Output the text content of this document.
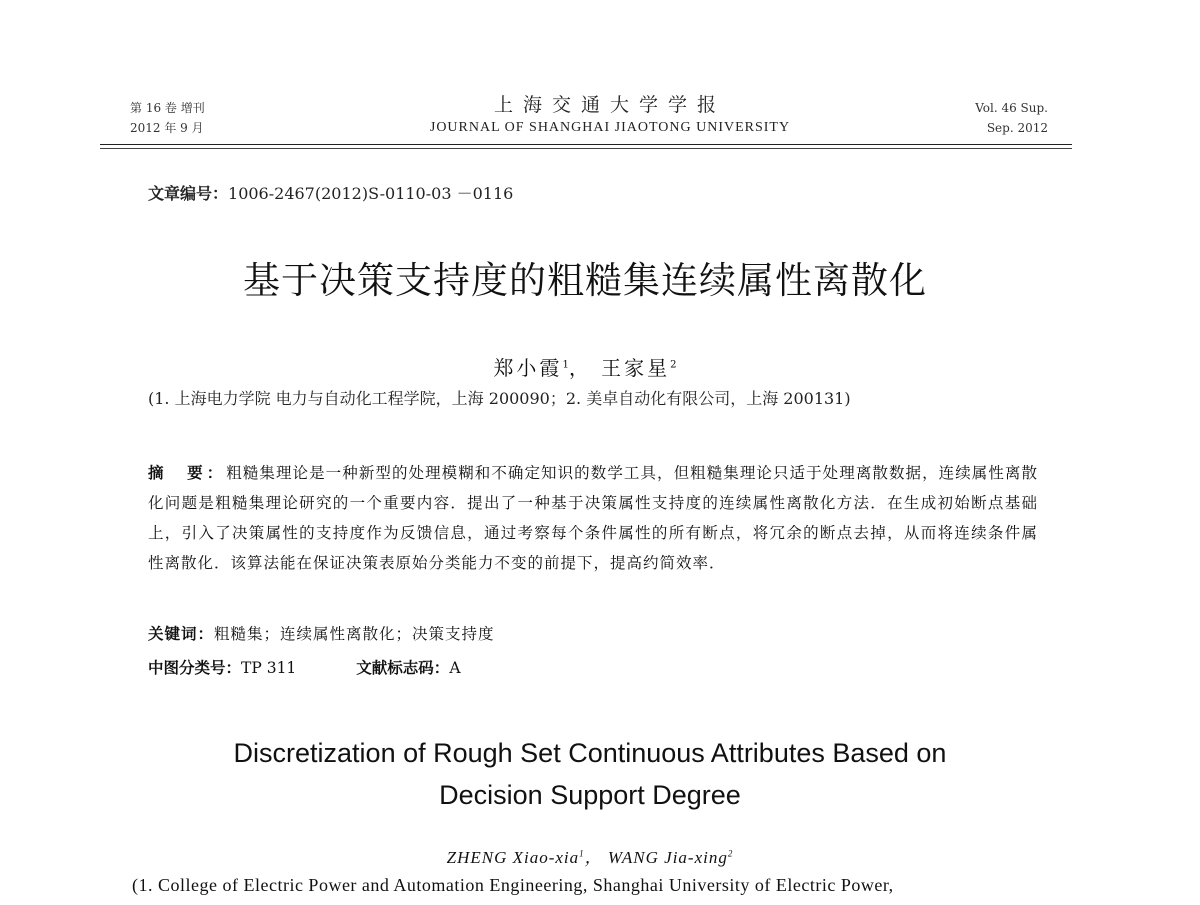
第 16 卷 增刊
2012 年 9 月
上海交通大学学报
JOURNAL OF SHANGHAI JIAOTONG UNIVERSITY
Vol. 46 Sup.
Sep. 2012
文章编号：1006-2467(2012)S-0110-03 －0116
基于决策支持度的粗糙集连续属性离散化
郑小霞$^1$， 王家星$^2$
(1. 上海电力学院 电力与自动化工程学院，上海 200090；2. 美卓自动化有限公司，上海 200131)
摘　要：粗糙集理论是一种新型的处理模糊和不确定知识的数学工具，但粗糙集理论只适于处理离散数据，连续属性离散化问题是粗糙集理论研究的一个重要内容．提出了一种基于决策属性支持度的连续属性离散化方法．在生成初始断点基础上，引入了决策属性的支持度作为反馈信息，通过考察每个条件属性的所有断点，将冗余的断点去掉，从而将连续条件属性离散化．该算法能在保证决策表原始分类能力不变的前提下，提高约简效率．
关键词：粗糙集；连续属性离散化；决策支持度
中图分类号：TP 311	文献标志码：A
Discretization of Rough Set Continuous Attributes Based on
Decision Support Degree
ZHENG Xiao-xia$^1$， WANG Jia-xing$^2$
(1. College of Electric Power and Automation Engineering, Shanghai University of Electric Power,
